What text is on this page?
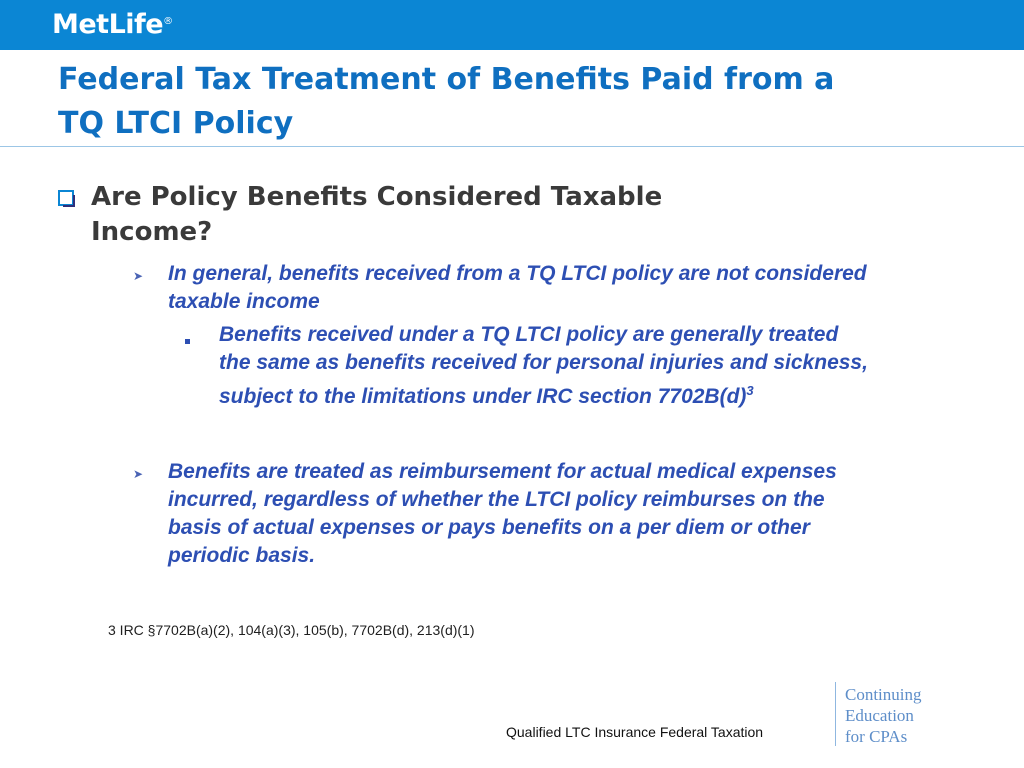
MetLife®
Federal Tax Treatment of Benefits Paid from a
TQ LTCI Policy

Are Policy Benefits Considered Taxable Income?

➤ In general, benefits received from a TQ LTCI policy are not considered taxable income

Benefits received under a TQ LTCI policy are generally treated the same as benefits received for personal injuries and sickness, subject to the limitations under IRC section $7702B(d)^3$

➤ Benefits are treated as reimbursement for actual medical expenses incurred, regardless of whether the LTCI policy reimburses on the basis of actual expenses or pays benefits on a per diem or other periodic basis.

3 IRC §7702B(a)(2), 104(a)(3), 105(b), 7702B(d), 213(d)(1)

Qualified LTC Insurance Federal Taxation

Continuing
Education
for CPAs
